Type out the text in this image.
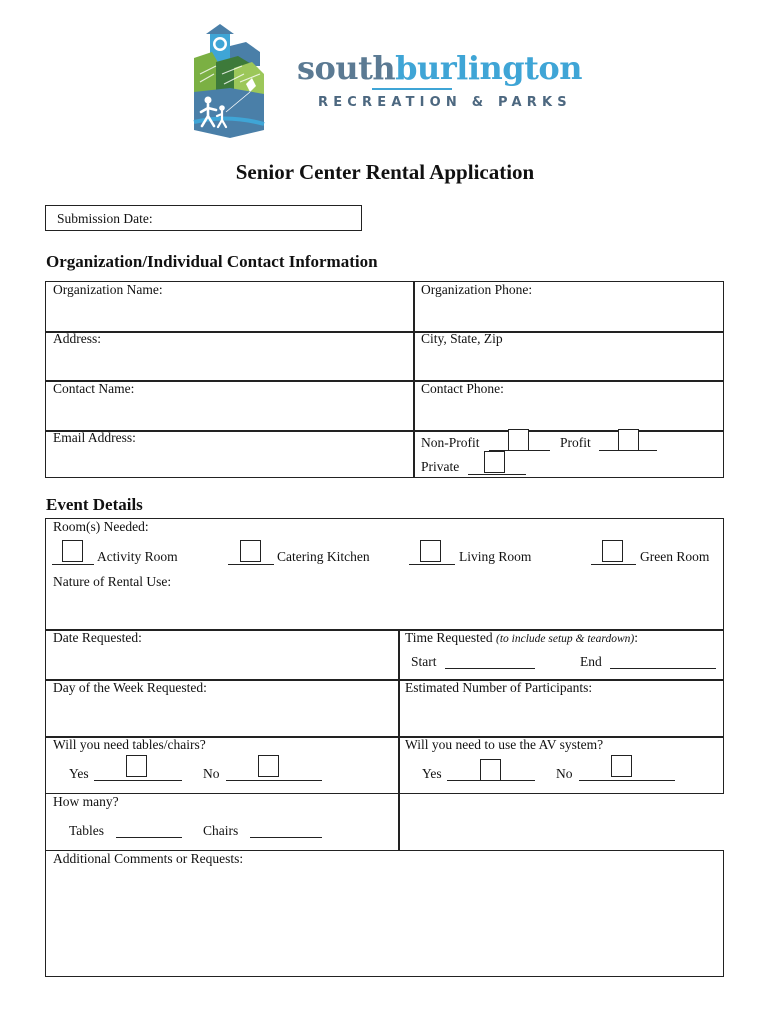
southburlington
RECREATION & PARKS
Senior Center Rental Application
Submission Date:
Organization/Individual Contact Information
Organization Name:	Organization Phone:
Address:	City, State, Zip
Contact Name:	Contact Phone:
Email Address:	Non-Profit	Profit
Private
Event Details
Room(s) Needed:
Activity Room	Catering Kitchen	Living Room	Green Room
Nature of Rental Use:
Date Requested:	Time Requested (to include setup & teardown):
Start	End
Day of the Week Requested:	Estimated Number of Participants:
Will you need tables/chairs?	Will you need to use the AV system?
Yes	No	Yes	No
How many?
Tables	Chairs
Additional Comments or Requests:
